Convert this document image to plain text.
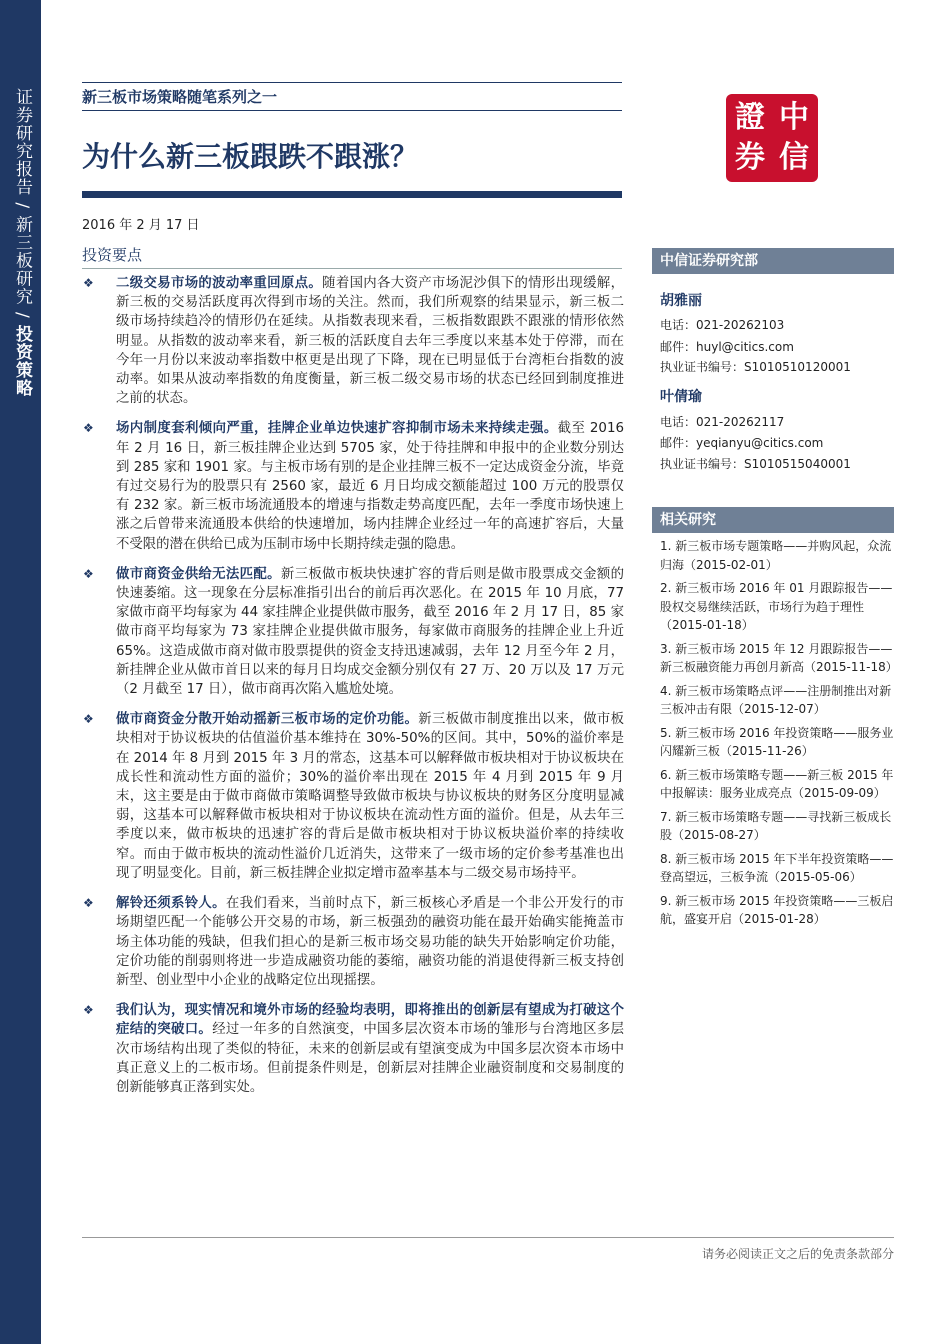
证券研究报告 / 新三板研究 / 投资策略
新三板市场策略随笔系列之一
为什么新三板跟跌不跟涨？
2016 年 2 月 17 日
投资要点
證 中
券 信
❖ 二级交易市场的波动率重回原点。随着国内各大资产市场泥沙俱下的情形出现缓解，新三板的交易活跃度再次得到市场的关注。然而，我们所观察的结果显示，新三板二级市场持续趋冷的情形仍在延续。从指数表现来看，三板指数跟跌不跟涨的情形依然明显。从指数的波动率来看，新三板的活跃度自去年三季度以来基本处于停滞，而在今年一月份以来波动率指数中枢更是出现了下降，现在已明显低于台湾柜台指数的波动率。如果从波动率指数的角度衡量，新三板二级交易市场的状态已经回到制度推进之前的状态。
❖ 场内制度套利倾向严重，挂牌企业单边快速扩容抑制市场未来持续走强。截至 2016 年 2 月 16 日，新三板挂牌企业达到 5705 家，处于待挂牌和申报中的企业数分别达到 285 家和 1901 家。与主板市场有别的是企业挂牌三板不一定达成资金分流，毕竟有过交易行为的股票只有 2560 家，最近 6 月日均成交额能超过 100 万元的股票仅有 232 家。新三板市场流通股本的增速与指数走势高度匹配，去年一季度市场快速上涨之后曾带来流通股本供给的快速增加，场内挂牌企业经过一年的高速扩容后，大量不受限的潜在供给已成为压制市场中长期持续走强的隐患。
❖ 做市商资金供给无法匹配。新三板做市板块快速扩容的背后则是做市股票成交金额的快速萎缩。这一现象在分层标准指引出台的前后再次恶化。在 2015 年 10 月底，77 家做市商平均每家为 44 家挂牌企业提供做市服务，截至 2016 年 2 月 17 日，85 家做市商平均每家为 73 家挂牌企业提供做市服务，每家做市商服务的挂牌企业上升近 65%。这造成做市商对做市股票提供的资金支持迅速减弱，去年 12 月至今年 2 月，新挂牌企业从做市首日以来的每月日均成交金额分别仅有 27 万、20 万以及 17 万元（2 月截至 17 日），做市商再次陷入尴尬处境。
❖ 做市商资金分散开始动摇新三板市场的定价功能。新三板做市制度推出以来，做市板块相对于协议板块的估值溢价基本维持在 30%-50%的区间。其中，50%的溢价率是在 2014 年 8 月到 2015 年 3 月的常态，这基本可以解释做市板块相对于协议板块在成长性和流动性方面的溢价；30%的溢价率出现在 2015 年 4 月到 2015 年 9 月末，这主要是由于做市商做市策略调整导致做市板块与协议板块的财务区分度明显减弱，这基本可以解释做市板块相对于协议板块在流动性方面的溢价。但是，从去年三季度以来，做市板块的迅速扩容的背后是做市板块相对于协议板块溢价率的持续收窄。而由于做市板块的流动性溢价几近消失，这带来了一级市场的定价参考基准也出现了明显变化。目前，新三板挂牌企业拟定增市盈率基本与二级交易市场持平。
❖ 解铃还须系铃人。在我们看来，当前时点下，新三板核心矛盾是一个非公开发行的市场期望匹配一个能够公开交易的市场，新三板强劲的融资功能在最开始确实能掩盖市场主体功能的残缺，但我们担心的是新三板市场交易功能的缺失开始影响定价功能，定价功能的削弱则将进一步造成融资功能的萎缩，融资功能的消退使得新三板支持创新型、创业型中小企业的战略定位出现摇摆。
❖ 我们认为，现实情况和境外市场的经验均表明，即将推出的创新层有望成为打破这个症结的突破口。经过一年多的自然演变，中国多层次资本市场的雏形与台湾地区多层次市场结构出现了类似的特征，未来的创新层或有望演变成为中国多层次资本市场中真正意义上的二板市场。但前提条件则是，创新层对挂牌企业融资制度和交易制度的创新能够真正落到实处。
中信证券研究部
胡雅丽
电话：021-20262103
邮件：huyl@citics.com
执业证书编号：S1010510120001
叶倩瑜
电话：021-20262117
邮件：yeqianyu@citics.com
执业证书编号：S1010515040001
相关研究
1. 新三板市场专题策略——并购风起，众流归海（2015-02-01）
2. 新三板市场 2016 年 01 月跟踪报告——股权交易继续活跃，市场行为趋于理性（2015-01-18）
3. 新三板市场 2015 年 12 月跟踪报告——新三板融资能力再创月新高（2015-11-18）
4. 新三板市场策略点评——注册制推出对新三板冲击有限（2015-12-07）
5. 新三板市场 2016 年投资策略——服务业闪耀新三板（2015-11-26）
6. 新三板市场策略专题——新三板 2015 年中报解读：服务业成亮点（2015-09-09）
7. 新三板市场策略专题——寻找新三板成长股（2015-08-27）
8. 新三板市场 2015 年下半年投资策略——登高望远，三板争流（2015-05-06）
9. 新三板市场 2015 年投资策略——三板启航，盛宴开启（2015-01-28）
请务必阅读正文之后的免责条款部分
